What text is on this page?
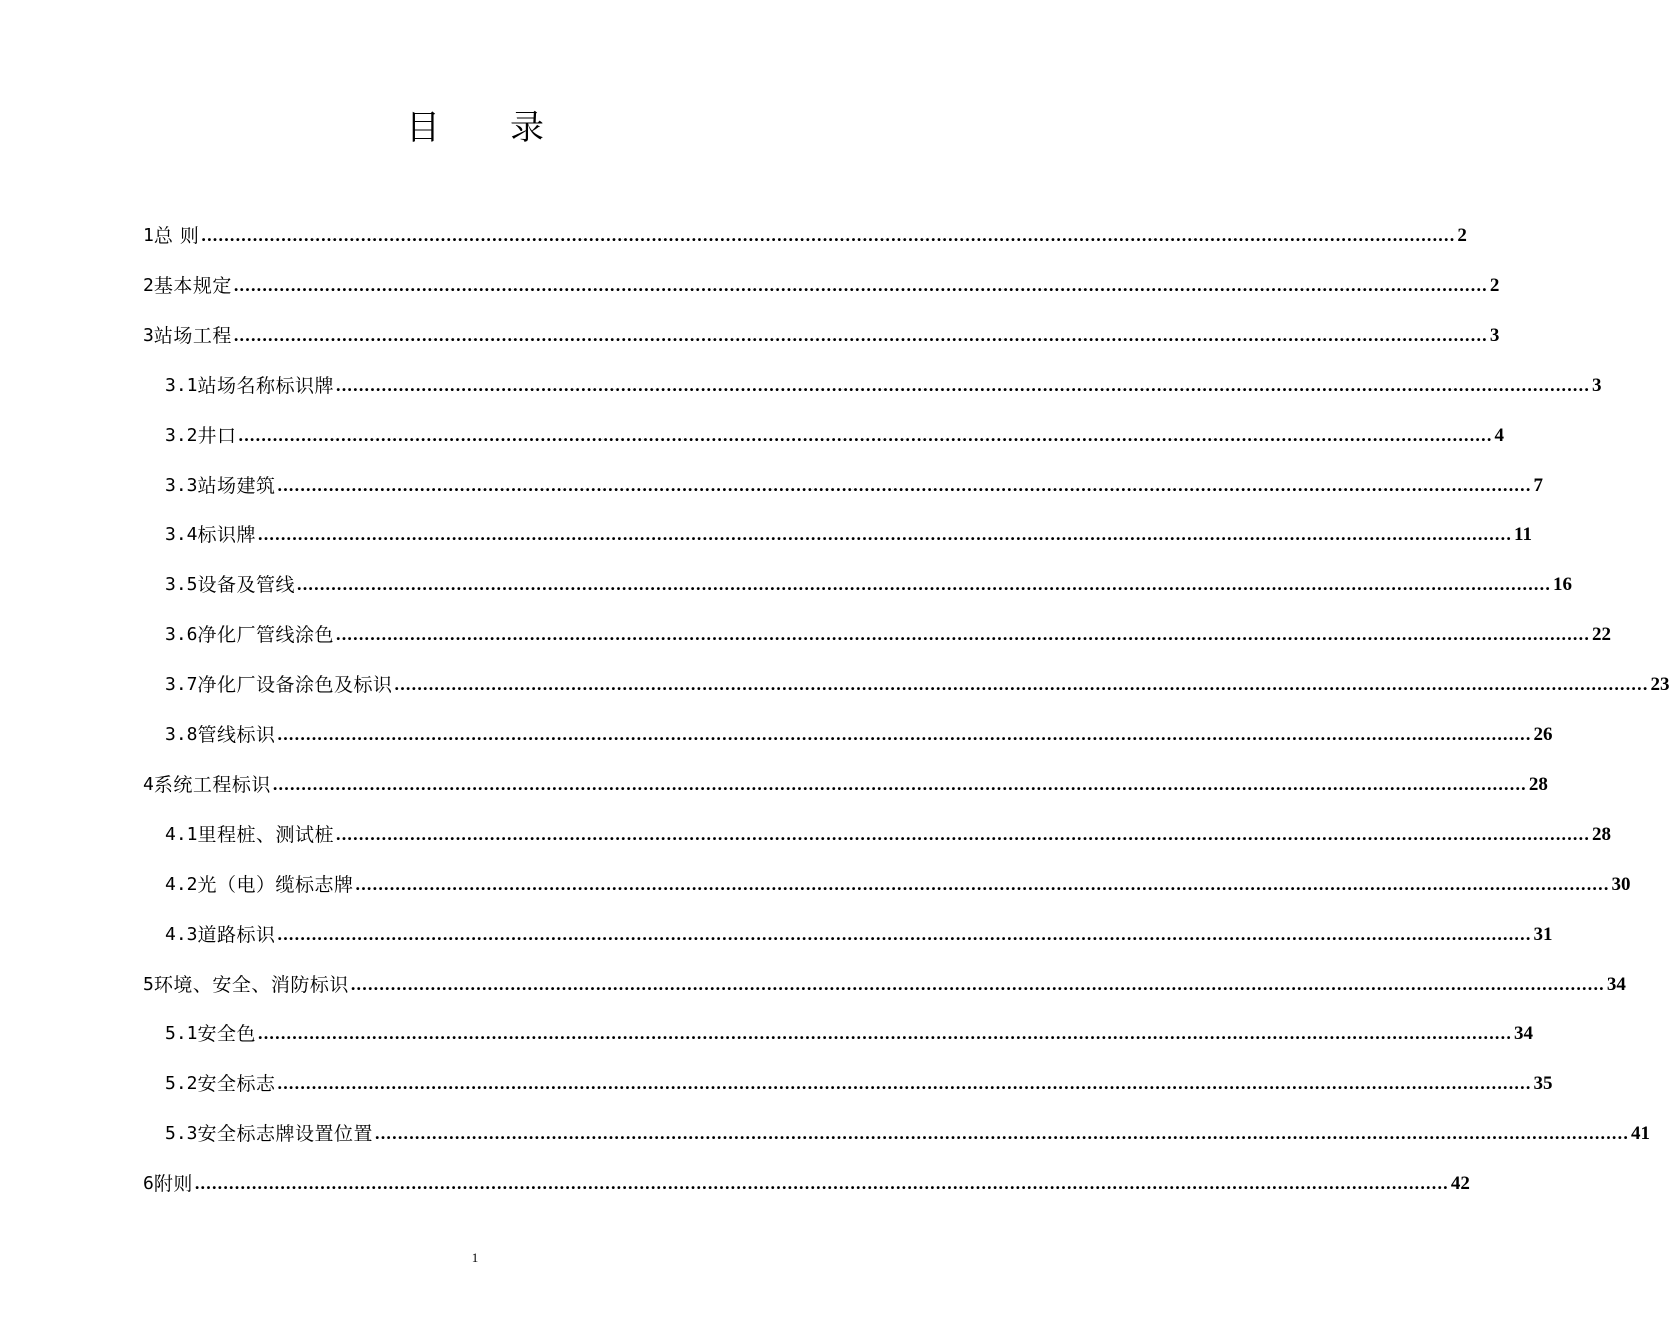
目 录
1 总 则 ............................................................................................................................................................................................................................ 2
2 基本规定 ............................................................................................................................................................................................................................ 2
3 站场工程 ............................................................................................................................................................................................................................ 3
3.1 站场名称标识牌 ............................................................................................................................................................................................................................ 3
3.2 井口 ............................................................................................................................................................................................................................ 4
3.3 站场建筑 ............................................................................................................................................................................................................................ 7
3.4 标识牌 ............................................................................................................................................................................................................................ 11
3.5 设备及管线 ............................................................................................................................................................................................................................ 16
3.6 净化厂管线涂色 ............................................................................................................................................................................................................................ 22
3.7 净化厂设备涂色及标识 ............................................................................................................................................................................................................................ 23
3.8 管线标识 ............................................................................................................................................................................................................................ 26
4 系统工程标识 ............................................................................................................................................................................................................................ 28
4.1 里程桩、测试桩 ............................................................................................................................................................................................................................ 28
4.2 光（电）缆标志牌 ............................................................................................................................................................................................................................ 30
4.3 道路标识 ............................................................................................................................................................................................................................ 31
5 环境、安全、消防标识 ............................................................................................................................................................................................................................ 34
5.1 安全色 ............................................................................................................................................................................................................................ 34
5.2 安全标志 ............................................................................................................................................................................................................................ 35
5.3 安全标志牌设置位置 ............................................................................................................................................................................................................................ 41
6 附则 ............................................................................................................................................................................................................................ 42
1
